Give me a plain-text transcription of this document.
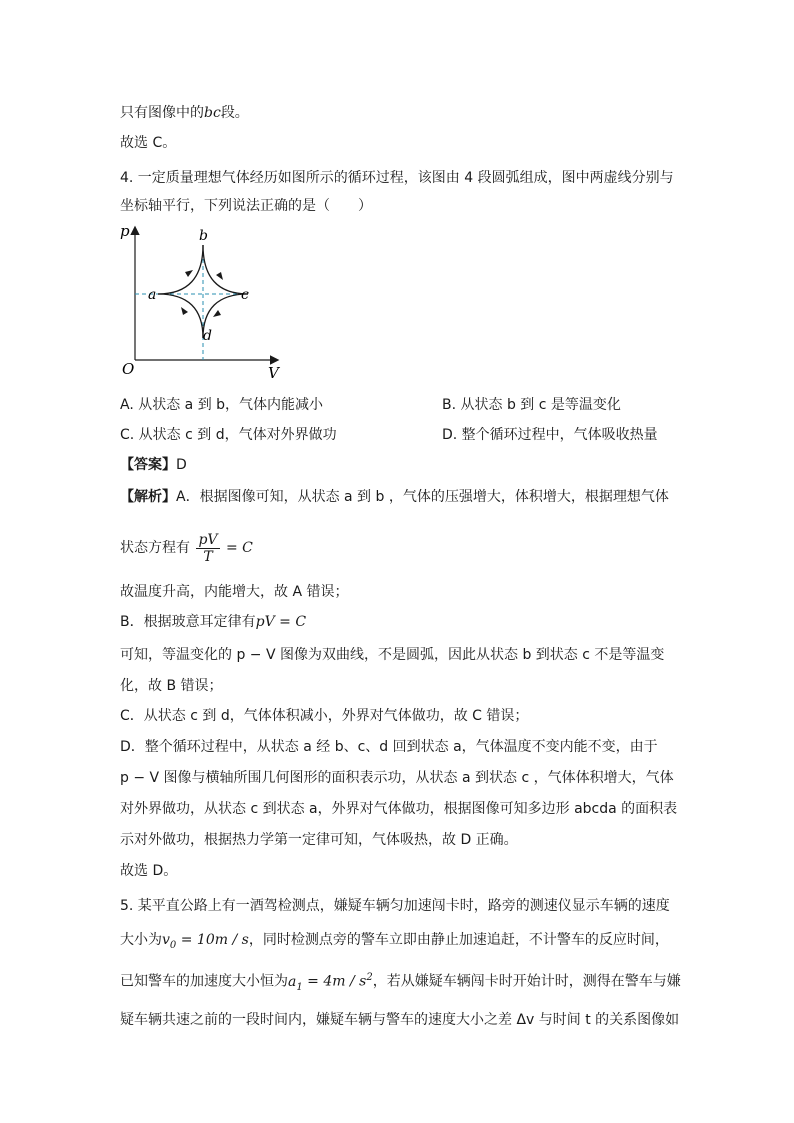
只有图像中的bc段。
故选 C。
4. 一定质量理想气体经历如图所示的循环过程，该图由 4 段圆弧组成，图中两虚线分别与
坐标轴平行，下列说法正确的是（　　）
p
V
O
a
b
c
d
A. 从状态 a 到 b，气体内能减小	B. 从状态 b 到 c 是等温变化
C. 从状态 c 到 d，气体对外界做功	D. 整个循环过程中，气体吸收热量
【答案】D
【解析】A．根据图像可知，从状态 a 到 b ，气体的压强增大，体积增大，根据理想气体
状态方程有 $\frac{pV}{T} = C$
故温度升高，内能增大，故 A 错误；
B．根据玻意耳定律有pV = C
可知，等温变化的 p − V 图像为双曲线，不是圆弧，因此从状态 b 到状态 c 不是等温变
化，故 B 错误；
C．从状态 c 到 d，气体体积减小，外界对气体做功，故 C 错误；
D．整个循环过程中，从状态 a 经 b、c、d 回到状态 a，气体温度不变内能不变，由于
p − V 图像与横轴所围几何图形的面积表示功，从状态 a 到状态 c ，气体体积增大，气体
对外界做功，从状态 c 到状态 a，外界对气体做功，根据图像可知多边形 abcda 的面积表
示对外做功，根据热力学第一定律可知，气体吸热，故 D 正确。
故选 D。
5. 某平直公路上有一酒驾检测点，嫌疑车辆匀加速闯卡时，路旁的测速仪显示车辆的速度
大小为$v_0 = 10m / s$，同时检测点旁的警车立即由静止加速追赶，不计警车的反应时间，
已知警车的加速度大小恒为$a_1 = 4m / s^2$，若从嫌疑车辆闯卡时开始计时，测得在警车与嫌
疑车辆共速之前的一段时间内，嫌疑车辆与警车的速度大小之差 Δv 与时间 t 的关系图像如
